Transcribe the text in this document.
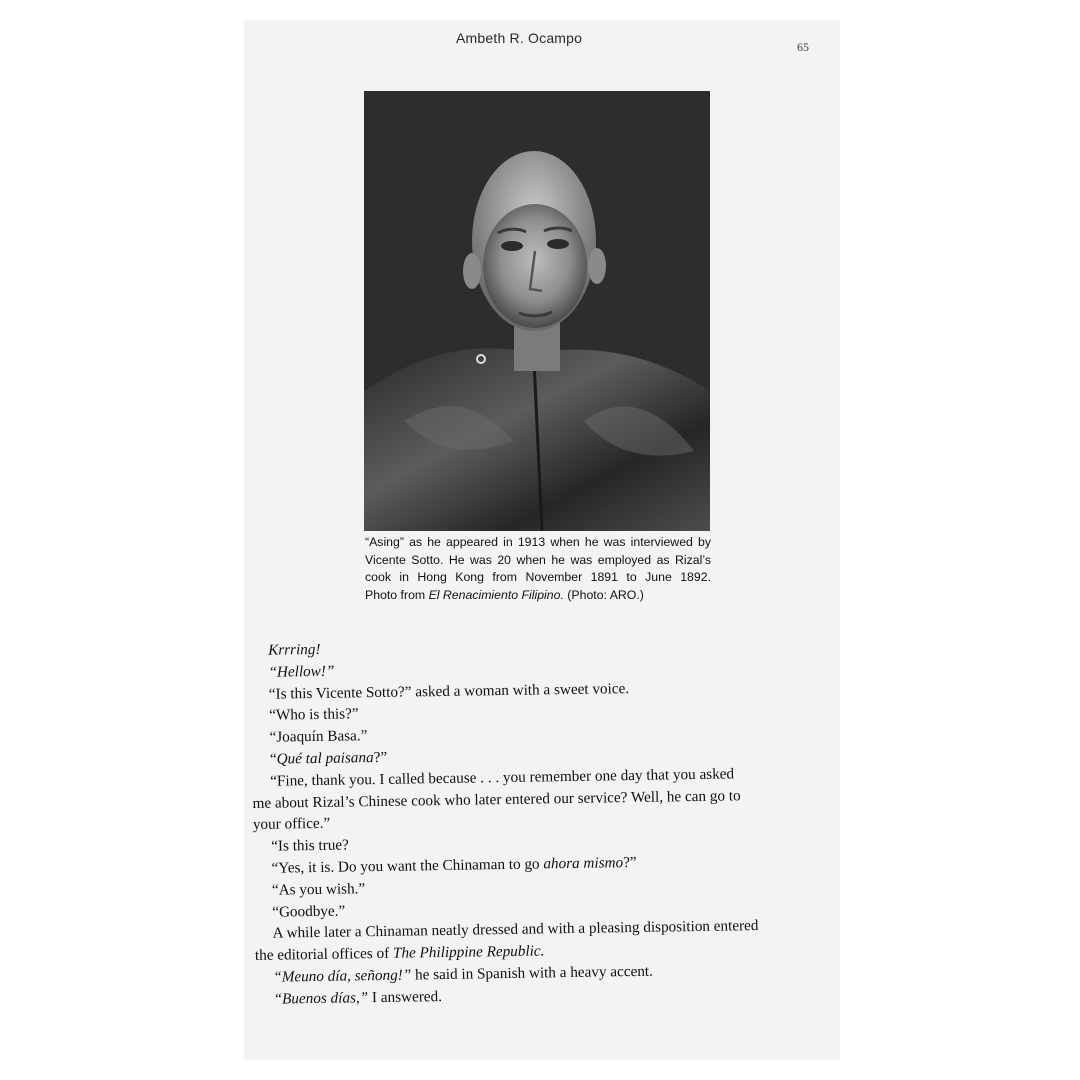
Ambeth R. Ocampo
65

“Asing” as he appeared in 1913 when he was interviewed by

Vicente Sotto. He was 20 when he was employed as Rizal’s

cook in Hong Kong from November 1891 to June 1892.

Photo from El Renacimiento Filipino. (Photo: ARO.)

Krrring!

“Hellow!”

“Is this Vicente Sotto?” asked a woman with a sweet voice.

“Who is this?”

“Joaquín Basa.”

“Qué tal paisana?”

“Fine, thank you. I called because . . . you remember one day that you asked

me about Rizal’s Chinese cook who later entered our service? Well, he can go to

your office.”

“Is this true?

“Yes, it is. Do you want the Chinaman to go ahora mismo?”

“As you wish.”

“Goodbye.”

A while later a Chinaman neatly dressed and with a pleasing disposition entered

the editorial offices of The Philippine Republic.

“Meuno día, señong!” he said in Spanish with a heavy accent.

“Buenos días,” I answered.
